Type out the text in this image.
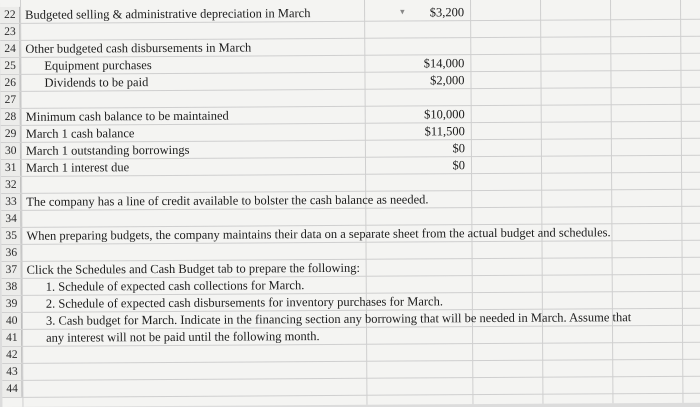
22 Budgeted selling & administrative depreciation in March	▾ $3,200
23
24 Other budgeted cash disbursements in March
25	Equipment purchases	$14,000
26	Dividends to be paid	$2,000
27
28 Minimum cash balance to be maintained	$10,000
29 March 1 cash balance	$11,500
30 March 1 outstanding borrowings	$0
31 March 1 interest due	$0
32
33 The company has a line of credit available to bolster the cash balance as needed.
34
35 When preparing budgets, the company maintains their data on a separate sheet from the actual budget and schedules.
36
37 Click the Schedules and Cash Budget tab to prepare the following:
38	1. Schedule of expected cash collections for March.
39	2. Schedule of expected cash disbursements for inventory purchases for March.
40	3. Cash budget for March. Indicate in the financing section any borrowing that will be needed in March. Assume that
41	any interest will not be paid until the following month.
42
43
44
